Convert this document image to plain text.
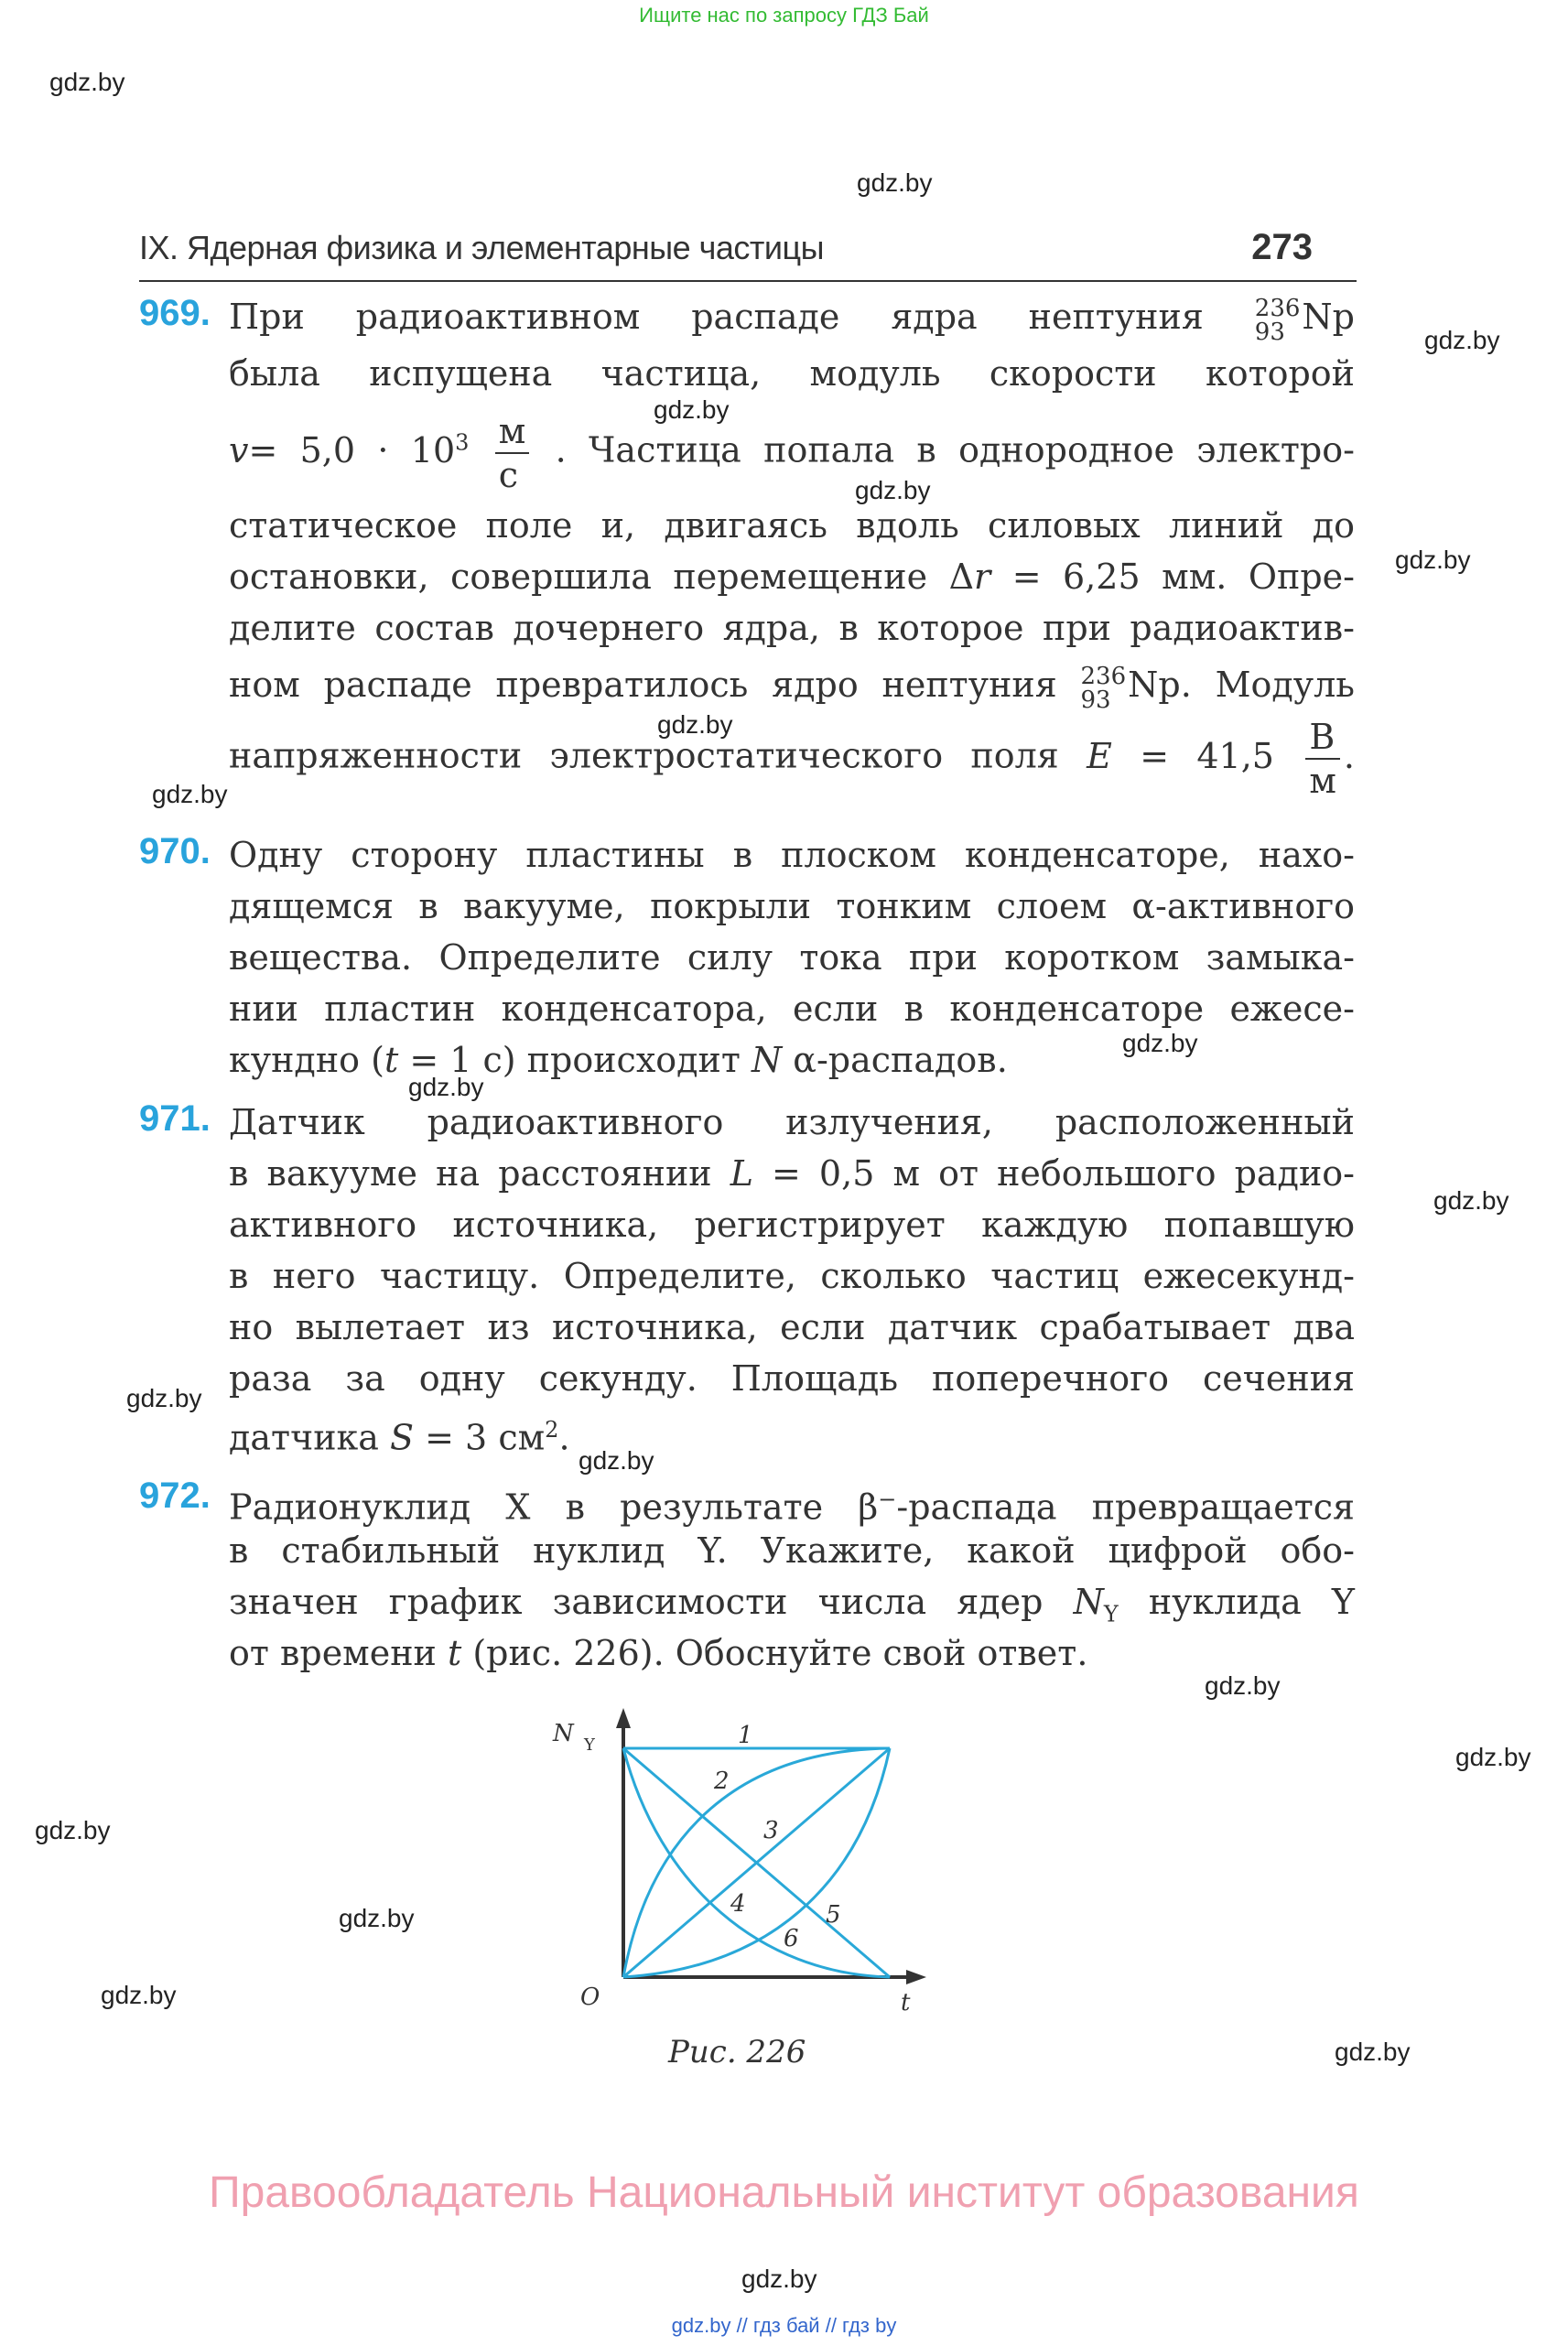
Ищите нас по запросу ГДЗ Бай
gdz.by
gdz.by
gdz.by
gdz.by
gdz.by
gdz.by
gdz.by
gdz.by
gdz.by
gdz.by
gdz.by
gdz.by
gdz.by
gdz.by
gdz.by
gdz.by
gdz.by
gdz.by
gdz.by
gdz.by
IX. Ядерная физика и элементарные частицы	273
969. При радиоактивном распаде ядра нептуния 236
93 Np
была испущена частица, модуль скорости которой
$v= 5,0 \cdot 10^3 \frac{м}{с}$ . Частица попала в однородное электро-
статическое поле и, двигаясь вдоль силовых линий до
остановки, совершила перемещение Δr = 6,25 мм. Опре-
делите состав дочернего ядра, в которое при радиоактив-
ном распаде превратилось ядро нептуния 236
93 Np. Модуль
напряженности электростатического поля $E = 41,5 \frac{В}{м}$ .
970. Одну сторону пластины в плоском конденсаторе, нахо-
дящемся в вакууме, покрыли тонким слоем α-активного
вещества. Определите силу тока при коротком замыка-
нии пластин конденсатора, если в конденсаторе ежесе-
кундно (t = 1 с) происходит N α-распадов.
971. Датчик радиоактивного излучения, расположенный
в вакууме на расстоянии L = 0,5 м от небольшого радио-
активного источника, регистрирует каждую попавшую
в него частицу. Определите, сколько частиц ежесекунд-
но вылетает из источника, если датчик срабатывает два
раза за одну секунду. Площадь поперечного сечения
датчика S = 3 $см^2$.
972. Радионуклид X в результате β−-распада превращается
в стабильный нуклид Y. Укажите, какой цифрой обо-
значен график зависимости числа ядер $N_Y$ нуклида Y
от времени t (рис. 226). Обоснуйте свой ответ.
N Y
t
O
1
2
3
4	5
6
Рис. 226
Правообладатель Национальный институт образования
gdz.by // гдз бай // гдз by
